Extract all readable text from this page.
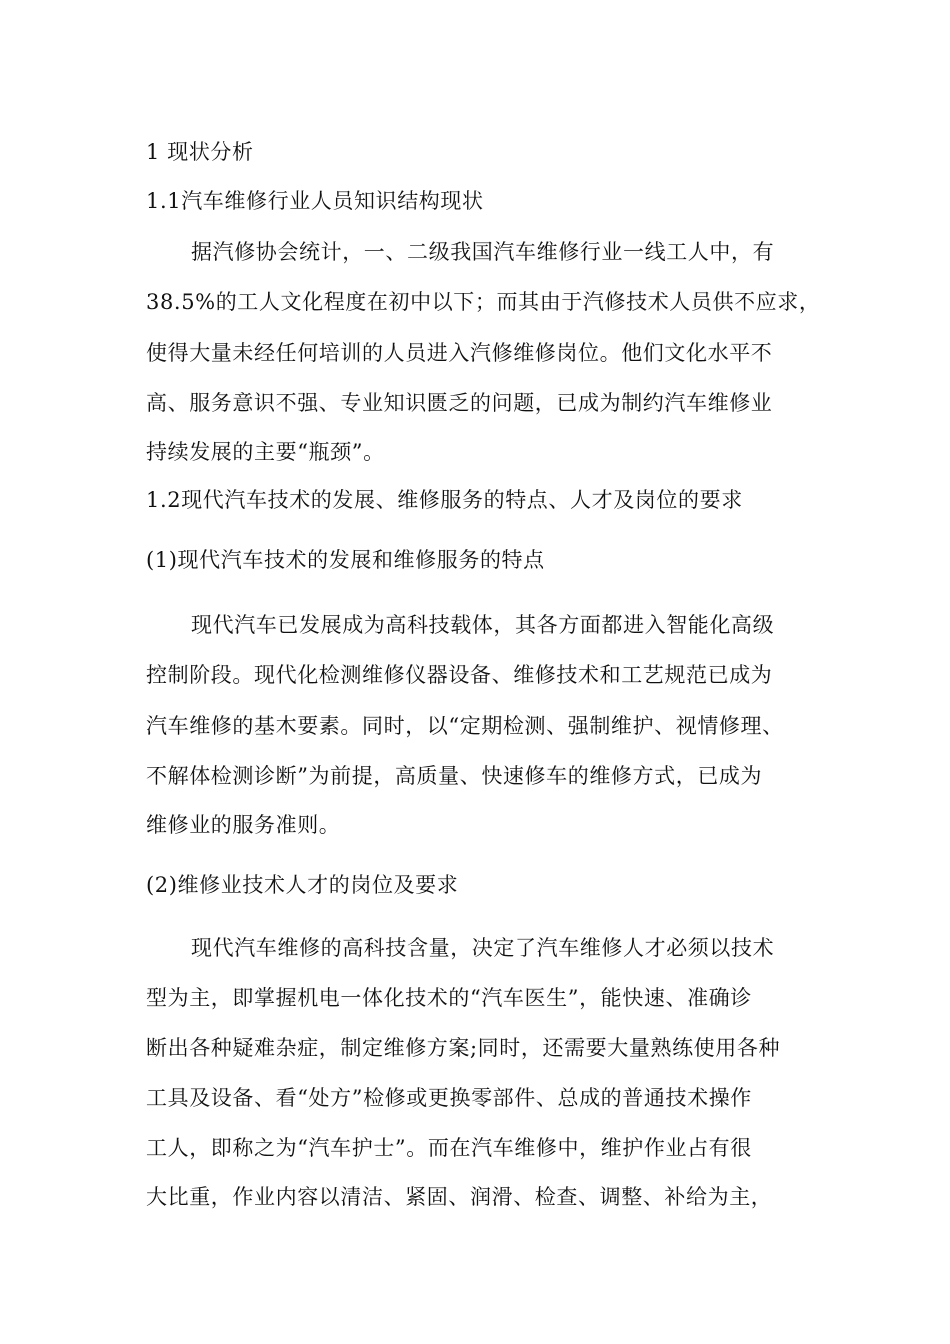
1 现状分析
1.1汽车维修行业人员知识结构现状
据汽修协会统计，一、二级我国汽车维修行业一线工人中，有
38.5%的工人文化程度在初中以下；而其由于汽修技术人员供不应求，
使得大量未经任何培训的人员进入汽修维修岗位。他们文化水平不
高、服务意识不强、专业知识匮乏的问题，已成为制约汽车维修业
持续发展的主要“瓶颈”。
1.2现代汽车技术的发展、维修服务的特点、人才及岗位的要求
(1)现代汽车技术的发展和维修服务的特点
现代汽车已发展成为高科技载体，其各方面都进入智能化高级
控制阶段。现代化检测维修仪器设备、维修技术和工艺规范已成为
汽车维修的基木要素。同时，以“定期检测、强制维护、视情修理、
不解体检测诊断”为前提，高质量、快速修车的维修方式，已成为
维修业的服务准则。
(2)维修业技术人才的岗位及要求
现代汽车维修的高科技含量，决定了汽车维修人才必须以技术
型为主，即掌握机电一体化技术的“汽车医生”，能快速、准确诊
断出各种疑难杂症，制定维修方案;同时，还需要大量熟练使用各种
工具及设备、看“处方”检修或更换零部件、总成的普通技术操作
工人，即称之为“汽车护士”。而在汽车维修中，维护作业占有很
大比重，作业内容以清洁、紧固、润滑、检查、调整、补给为主，
